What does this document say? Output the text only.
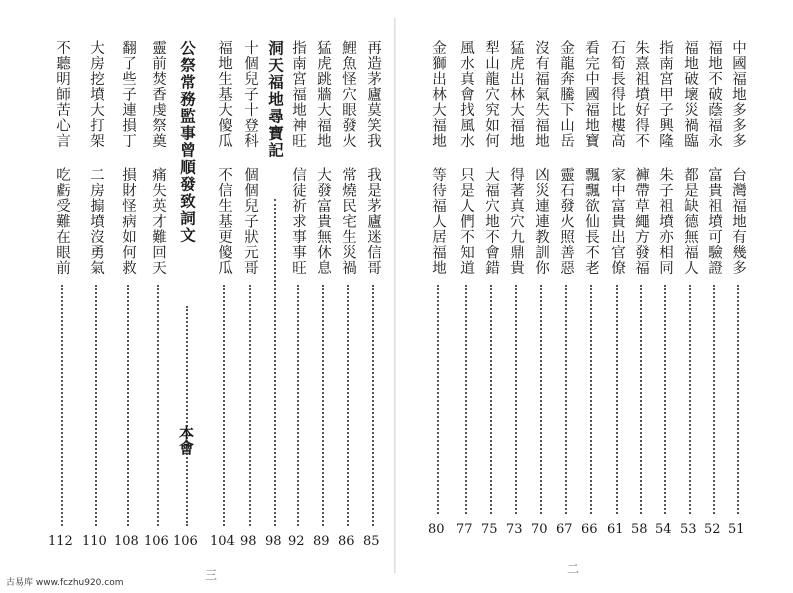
再造茅廬莫笑我
我是茅廬迷信哥
85
鯉魚怪穴眼發火
常燒民宅生災禍
86
猛虎跳牆大福地
大發富貴無休息
89
指南宮福地神旺
信徒祈求事事旺
92
洞天福地尋寶記
98
十個兒子十登科
個個兒子狀元哥
98
福地生基大傻瓜
不信生基更傻瓜
104
公祭常務監事曾順發致詞文
106
靈前焚香虔祭奠
痛失英才難回天
106
翻了些子連損丁
損財怪病如何救
108
大房挖墳大打架
二房搧墳沒勇氣
110
不聽明師苦心言
吃虧受難在眼前
112
本會
中國福地多多多
台灣福地有幾多
51
福地不破蔭福永
富貴祖墳可驗證
52
福地破壞災禍臨
都是缺德無福人
53
指南宮甲子興隆
朱子祖墳亦相同
54
朱熹祖墳好得不
褲帶草繩方發福
58
石筍長得比樓高
家中富貴出官僚
61
看完中國福地寶
飄飄欲仙長不老
66
金龍奔騰下山岳
靈石發火照善惡
67
沒有福氣失福地
凶災連連教訓你
70
猛虎出林大福地
得著真穴九鼎貴
73
犁山龍穴究如何
大福穴地不會錯
75
風水真會找風水
只是人們不知道
77
金獅出林大福地
等待福人居福地
80
三	二
古易库 www.fczhu920.com
